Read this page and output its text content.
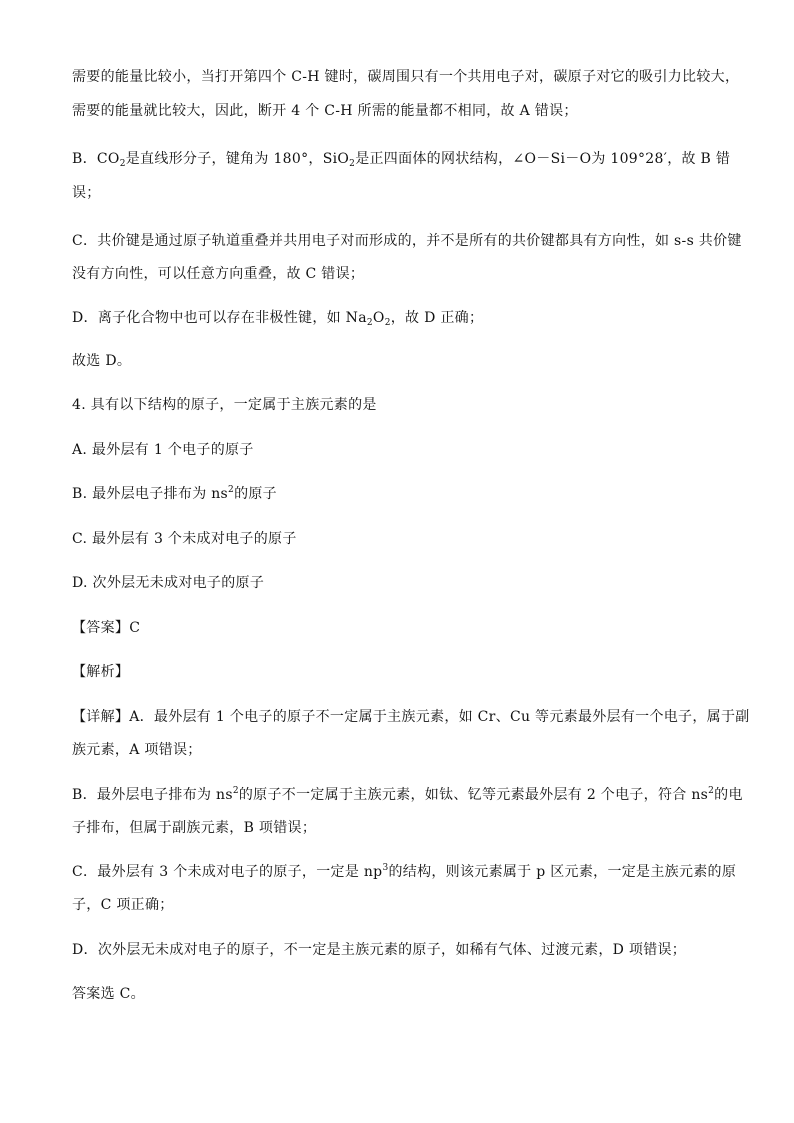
需要的能量比较小，当打开第四个 C-H 键时，碳周围只有一个共用电子对，碳原子对它的吸引力比较大，
需要的能量就比较大，因此，断开 4 个 C-H 所需的能量都不相同，故 A 错误；
B．$CO_2$是直线形分子，键角为 180°，SiO$_2$是正四面体的网状结构，∠O－Si－O为 109°28′，故 B 错
误；
C．共价键是通过原子轨道重叠并共用电子对而形成的，并不是所有的共价键都具有方向性，如 s-s 共价键
没有方向性，可以任意方向重叠，故 C 错误；
D．离子化合物中也可以存在非极性键，如 $Na_2O_2$，故 D 正确；
故选 D。
4. 具有以下结构的原子，一定属于主族元素的是
A. 最外层有 1 个电子的原子
B. 最外层电子排布为 $ns^2$的原子
C. 最外层有 3 个未成对电子的原子
D. 次外层无未成对电子的原子
【答案】C
【解析】
【详解】A．最外层有 1 个电子的原子不一定属于主族元素，如 Cr、Cu 等元素最外层有一个电子，属于副
族元素，A 项错误；
B．最外层电子排布为 $ns^2$的原子不一定属于主族元素，如钛、钇等元素最外层有 2 个电子，符合 $ns^2$的电
子排布，但属于副族元素，B 项错误；
C．最外层有 3 个未成对电子的原子，一定是 $np^3$的结构，则该元素属于 p 区元素，一定是主族元素的原
子，C 项正确；
D．次外层无未成对电子的原子，不一定是主族元素的原子，如稀有气体、过渡元素，D 项错误；
答案选 C。
